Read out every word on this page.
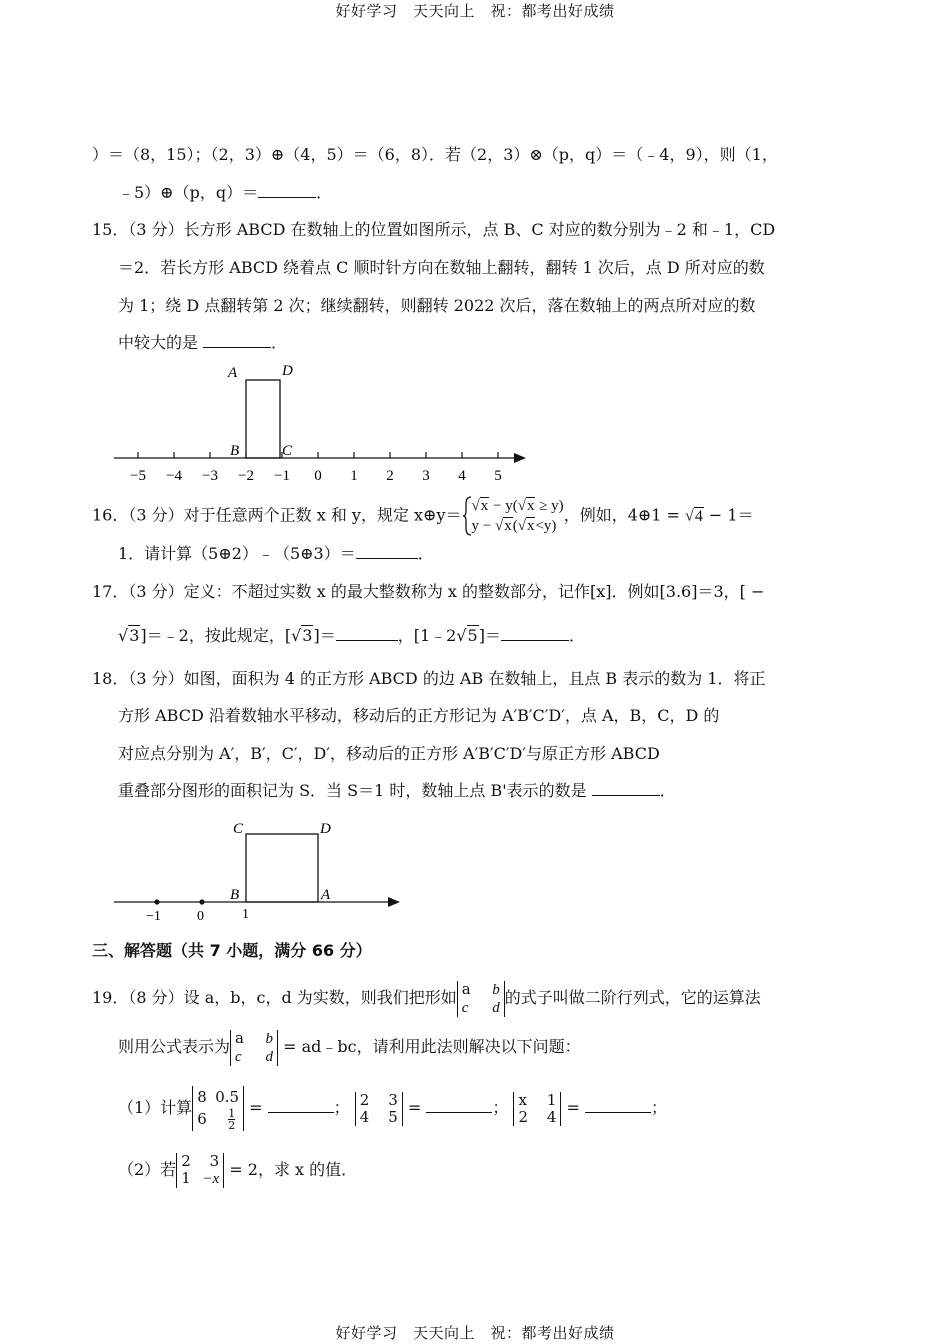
好好学习　天天向上　祝：都考出好成绩
）＝（8，15）；（2，3）⊕（4，5）＝（6，8）．若（2，3）⊗（p，q）＝（﹣4，9），则（1，
﹣5）⊕（p，q）＝	．
15．（3 分）长方形 ABCD 在数轴上的位置如图所示，点 B、C 对应的数分别为﹣2 和﹣1，CD
＝2．若长方形 ABCD 绕着点 C 顺时针方向在数轴上翻转，翻转 1 次后，点 D 所对应的数
为 1；绕 D 点翻转第 2 次；继续翻转，则翻转 2022 次后，落在数轴上的两点所对应的数
中较大的是	．
−5 −4 −3 −2 −1 0 1 2 3 4 5
A	D
B	C
16．（3 分）对于任意两个正数 x 和 y，规定 x⊕y＝ √x − y(√x ≥ y)
y − √x(√x<y)
，例如，4⊕1 = √4 − 1＝
1．请计算（5⊕2）﹣（5⊕3）＝	．
17．（3 分）定义：不超过实数 x 的最大整数称为 x 的整数部分，记作[x]．例如[3.6]＝3，[ −
√3]＝﹣2，按此规定，[√3]＝	，[1﹣2√5]＝	．
18．（3 分）如图，面积为 4 的正方形 ABCD 的边 AB 在数轴上，且点 B 表示的数为 1．将正
方形 ABCD 沿着数轴水平移动，移动后的正方形记为 A′B′C′D′，点 A，B，C，D 的
对应点分别为 A′，B′，C′，D′，移动后的正方形 A′B′C′D′与原正方形 ABCD
重叠部分图形的面积记为 S．当 S＝1 时，数轴上点 B'表示的数是	．
−1	0	1
C	D
B	A
三、解答题（共 7 小题，满分 66 分）
19．（8 分）设 a，b，c，d 为实数，则我们把形如 a b
c d
的式子叫做二阶行列式，它的运算法
则用公式表示为 a b
c d
= ad﹣bc，请利用此法则解决以下问题：
（1）计算
8 0.5
$6 \frac{1}{2}$
=	； 2 3
4 5 =	； x 1
2 4 =	；
（2）若 2 3
1 −x = 2，求 x 的值．
好好学习　天天向上　祝：都考出好成绩
